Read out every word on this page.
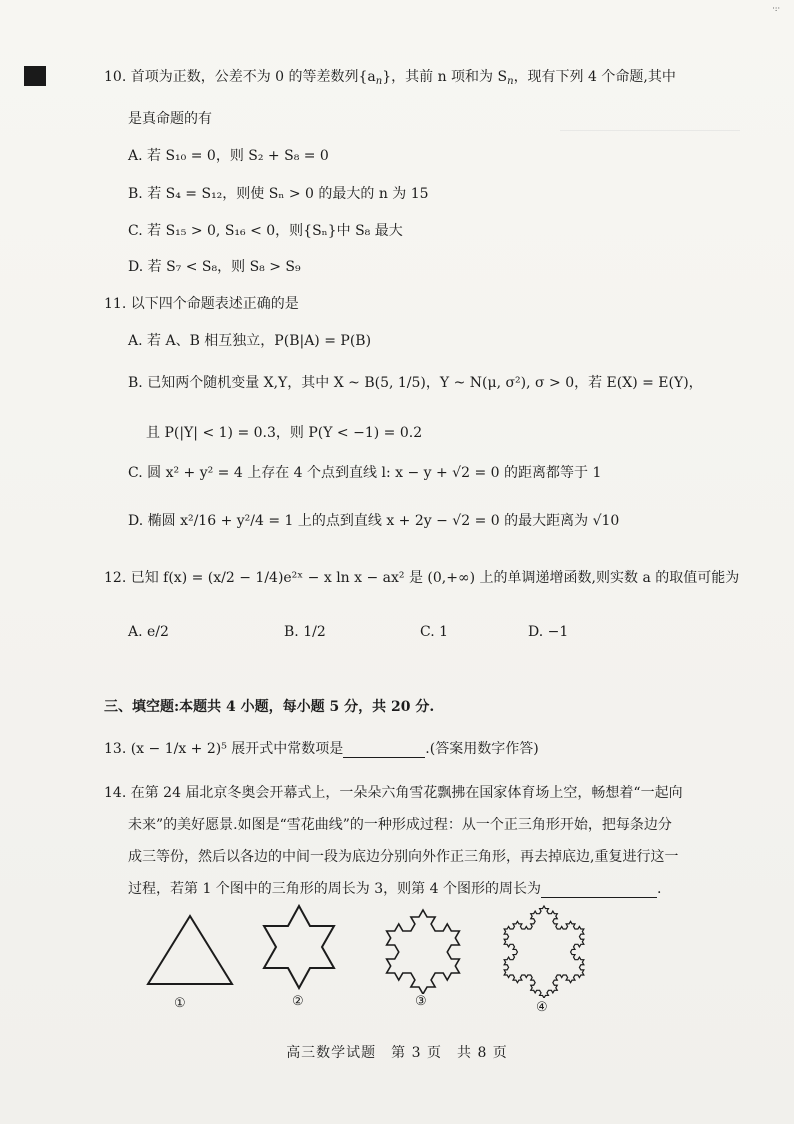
·:·
10. 首项为正数，公差不为 0 的等差数列$\{a_n\}$，其前 n 项和为 $S_n$，现有下列 4 个命题,其中
是真命题的有
A. 若 S₁₀ = 0，则 S₂ + S₈ = 0
B. 若 S₄ = S₁₂，则使 Sₙ > 0 的最大的 n 为 15
C. 若 S₁₅ > 0, S₁₆ < 0，则{Sₙ}中 S₈ 最大
D. 若 S₇ < S₈，则 S₈ > S₉
11. 以下四个命题表述正确的是
A. 若 A、B 相互独立，P(B|A) = P(B)
B. 已知两个随机变量 X,Y，其中 X ~ B(5, 1/5)，Y ~ N(μ, σ²), σ > 0，若 E(X) = E(Y)，
且 P(|Y| < 1) = 0.3，则 P(Y < −1) = 0.2
C. 圆 x² + y² = 4 上存在 4 个点到直线 l: x − y + √2 = 0 的距离都等于 1
D. 椭圆 x²/16 + y²/4 = 1 上的点到直线 x + 2y − √2 = 0 的最大距离为 √10
12. 已知 f(x) = (x/2 − 1/4)e²ˣ − x ln x − ax² 是 (0,+∞) 上的单调递增函数,则实数 a 的取值可能为
A. e/2	B. 1/2	C. 1	D. −1
三、填空题:本题共 4 小题，每小题 5 分，共 20 分.
13. (x − 1/x + 2)⁵ 展开式中常数项是	.(答案用数字作答)
14. 在第 24 届北京冬奥会开幕式上，一朵朵六角雪花飘拂在国家体育场上空，畅想着“一起向
未来”的美好愿景.如图是“雪花曲线”的一种形成过程：从一个正三角形开始，把每条边分
成三等份，然后以各边的中间一段为底边分别向外作正三角形，再去掉底边,重复进行这一
过程，若第 1 个图中的三角形的周长为 3，则第 4 个图形的周长为	.
①	②	③	④
高三数学试题　第 3 页　共 8 页
